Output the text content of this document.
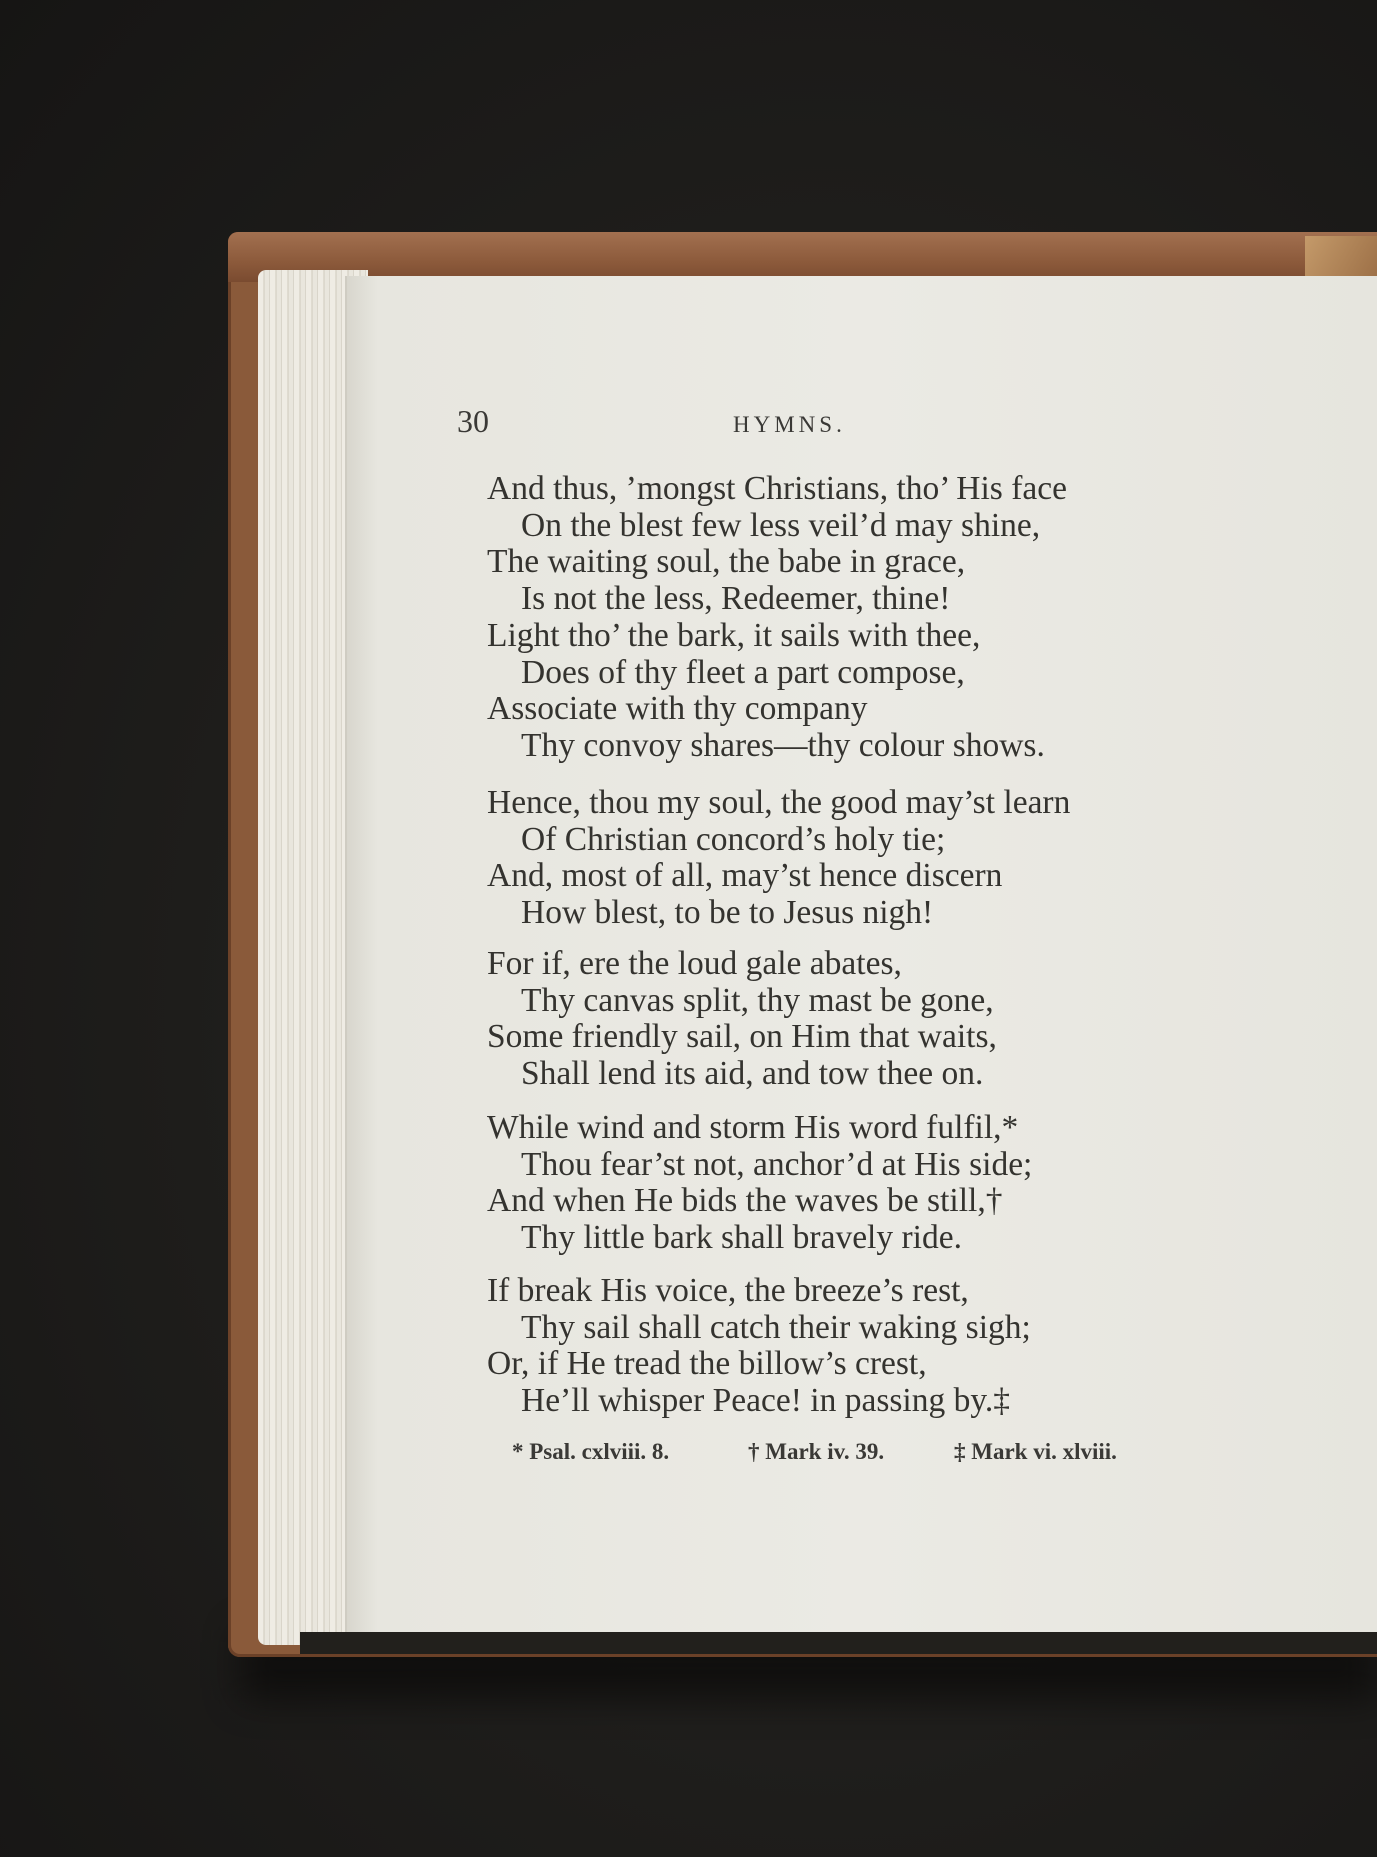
30	HYMNS.
And thus, ’mongst Christians, tho’ His face
On the blest few less veil’d may shine,
The waiting soul, the babe in grace,
Is not the less, Redeemer, thine!
Light tho’ the bark, it sails with thee,
Does of thy fleet a part compose,
Associate with thy company
Thy convoy shares—thy colour shows.
Hence, thou my soul, the good may’st learn
Of Christian concord’s holy tie;
And, most of all, may’st hence discern
How blest, to be to Jesus nigh!
For if, ere the loud gale abates,
Thy canvas split, thy mast be gone,
Some friendly sail, on Him that waits,
Shall lend its aid, and tow thee on.
While wind and storm His word fulfil,*
Thou fear’st not, anchor’d at His side;
And when He bids the waves be still,†
Thy little bark shall bravely ride.
If break His voice, the breeze’s rest,
Thy sail shall catch their waking sigh;
Or, if He tread the billow’s crest,
He’ll whisper Peace! in passing by.‡
* Psal. cxlviii. 8.	† Mark iv. 39.	‡ Mark vi. xlviii.
